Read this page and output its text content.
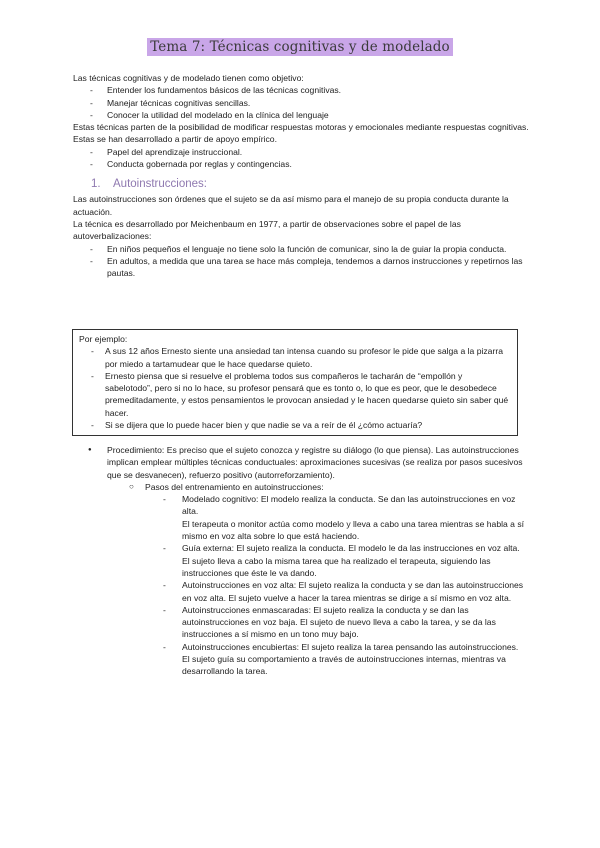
Tema 7: Técnicas cognitivas y de modelado

Las técnicas cognitivas y de modelado tienen como objetivo:

- Entender los fundamentos básicos de las técnicas cognitivas.

- Manejar técnicas cognitivas sencillas.

- Conocer la utilidad del modelado en la clínica del lenguaje

Estas técnicas parten de la posibilidad de modificar respuestas motoras y emocionales mediante respuestas cognitivas. Estas se han desarrollado a partir de apoyo empírico.

- Papel del aprendizaje instruccional.

- Conducta gobernada por reglas y contingencias.

1. Autoinstrucciones:

Las autoinstrucciones son órdenes que el sujeto se da así mismo para el manejo de su propia conducta durante la actuación.

La técnica es desarrollado por Meichenbaum en 1977, a partir de observaciones sobre el papel de las autoverbalizaciones:

- En niños pequeños el lenguaje no tiene solo la función de comunicar, sino la de guiar la propia conducta.

- En adultos, a medida que una tarea se hace más compleja, tendemos a darnos instrucciones y repetirnos las pautas.

Por ejemplo:

- A sus 12 años Ernesto siente una ansiedad tan intensa cuando su profesor le pide que salga a la pizarra por miedo a tartamudear que le hace quedarse quieto.

- Ernesto piensa que si resuelve el problema todos sus compañeros le tacharán de “empollón y sabelotodo”, pero si no lo hace, su profesor pensará que es tonto o, lo que es peor, que le desobedece premeditadamente, y estos pensamientos le provocan ansiedad y le hacen quedarse quieto sin saber qué hacer.

- Si se dijera que lo puede hacer bien y que nadie se va a reír de él ¿cómo actuaría?

● Procedimiento: Es preciso que el sujeto conozca y registre su diálogo (lo que piensa). Las autoinstrucciones implican emplear múltiples técnicas conductuales: aproximaciones sucesivas (se realiza por pasos sucesivos que se desvanecen), refuerzo positivo (autorreforzamiento).

○ Pasos del entrenamiento en autoinstrucciones:

- Modelado cognitivo: El modelo realiza la conducta. Se dan las autoinstrucciones en voz alta.

El terapeuta o monitor actúa como modelo y lleva a cabo una tarea mientras se habla a sí mismo en voz alta sobre lo que está haciendo.

- Guía externa: El sujeto realiza la conducta. El modelo le da las instrucciones en voz alta. El sujeto lleva a cabo la misma tarea que ha realizado el terapeuta, siguiendo las instrucciones que éste le va dando.

- Autoinstrucciones en voz alta: El sujeto realiza la conducta y se dan las autoinstrucciones en voz alta. El sujeto vuelve a hacer la tarea mientras se dirige a sí mismo en voz alta.

- Autoinstrucciones enmascaradas: El sujeto realiza la conducta y se dan las autoinstrucciones en voz baja. El sujeto de nuevo lleva a cabo la tarea, y se da las instrucciones a sí mismo en un tono muy bajo.

- Autoinstrucciones encubiertas: El sujeto realiza la tarea pensando las autoinstrucciones. El sujeto guía su comportamiento a través de autoinstrucciones internas, mientras va desarrollando la tarea.
